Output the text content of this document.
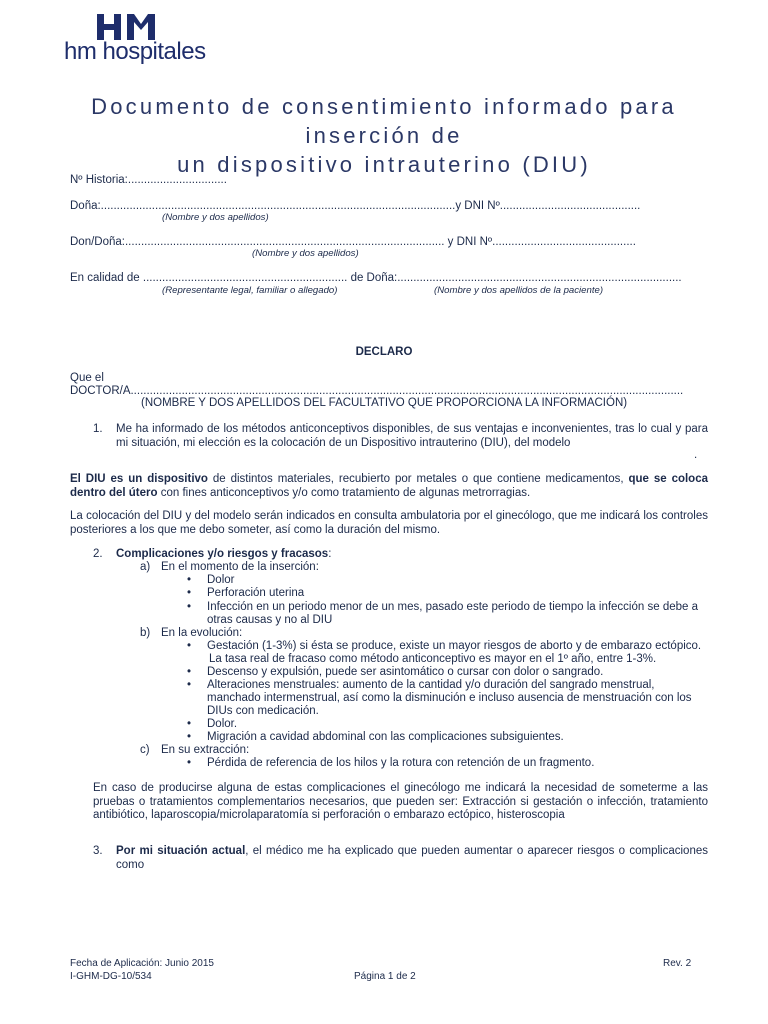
hm hospitales
Documento de consentimiento informado para inserción de
un dispositivo intrauterino (DIU)
Nº Historia:...............................
Doña:...............................................................................................................y DNI Nº............................................
(Nombre y dos apellidos)
Don/Doña:.................................................................................................... y DNI Nº.............................................
(Nombre y dos apellidos)
En calidad de ................................................................ de Doña:.........................................................................................
(Representante legal, familiar o allegado)	(Nombre y dos apellidos de la paciente)
DECLARO
Que el
DOCTOR/A.............................................................................................................................................................................
(NOMBRE Y DOS APELLIDOS DEL FACULTATIVO QUE PROPORCIONA LA INFORMACIÓN)
1. Me ha informado de los métodos anticonceptivos disponibles, de sus ventajas e inconvenientes, tras lo cual y para mi situación, mi elección es la colocación de un Dispositivo intrauterino (DIU), del modelo
.
El DIU es un dispositivo de distintos materiales, recubierto por metales o que contiene medicamentos, que se coloca dentro del útero con fines anticonceptivos y/o como tratamiento de algunas metrorragias.
La colocación del DIU y del modelo serán indicados en consulta ambulatoria por el ginecólogo, que me indicará los controles posteriores a los que me debo someter, así como la duración del mismo.
2. Complicaciones y/o riesgos y fracasos:
a) En el momento de la inserción:
• Dolor
• Perforación uterina
• Infección en un periodo menor de un mes, pasado este periodo de tiempo la infección se debe a
otras causas y no al DIU
b) En la evolución:
• Gestación (1-3%) si ésta se produce, existe un mayor riesgos de aborto y de embarazo ectópico.
La tasa real de fracaso como método anticonceptivo es mayor en el 1º año, entre 1-3%.
• Descenso y expulsión, puede ser asintomático o cursar con dolor o sangrado.
• Alteraciones menstruales: aumento de la cantidad y/o duración del sangrado menstrual,
manchado intermenstrual, así como la disminución e incluso ausencia de menstruación con los
DIUs con medicación.
• Dolor.
• Migración a cavidad abdominal con las complicaciones subsiguientes.
c) En su extracción:
• Pérdida de referencia de los hilos y la rotura con retención de un fragmento.
En caso de producirse alguna de estas complicaciones el ginecólogo me indicará la necesidad de someterme a las pruebas o tratamientos complementarios necesarios, que pueden ser: Extracción si gestación o infección, tratamiento antibiótico, laparoscopia/microlaparatomía si perforación o embarazo ectópico, histeroscopia
3. Por mi situación actual, el médico me ha explicado que pueden aumentar o aparecer riesgos o complicaciones como
Fecha de Aplicación: Junio 2015
I-GHM-DG-10/534	Página 1 de 2
Rev. 2
